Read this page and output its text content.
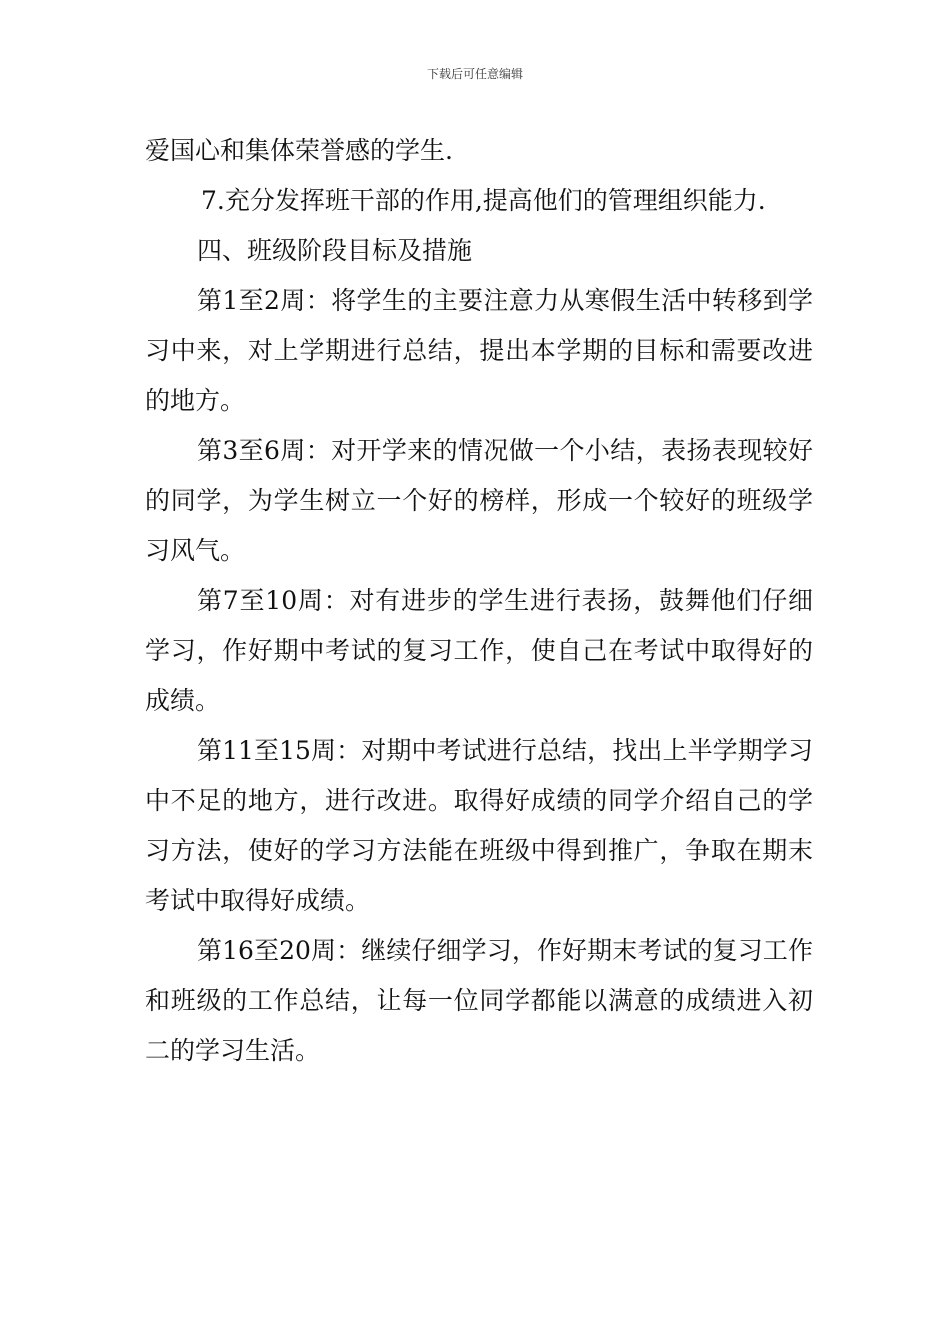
下载后可任意编辑

爱国心和集体荣誉感的学生.

7.充分发挥班干部的作用,提高他们的管理组织能力.

四、班级阶段目标及措施

第1至2周：将学生的主要注意力从寒假生活中转移到学习中来，对上学期进行总结，提出本学期的目标和需要改进的地方。

第3至6周：对开学来的情况做一个小结，表扬表现较好的同学，为学生树立一个好的榜样，形成一个较好的班级学习风气。

第7至10周：对有进步的学生进行表扬，鼓舞他们仔细学习，作好期中考试的复习工作，使自己在考试中取得好的成绩。

第11至15周：对期中考试进行总结，找出上半学期学习中不足的地方，进行改进。取得好成绩的同学介绍自己的学习方法，使好的学习方法能在班级中得到推广，争取在期末考试中取得好成绩。

第16至20周：继续仔细学习，作好期末考试的复习工作和班级的工作总结，让每一位同学都能以满意的成绩进入初二的学习生活。
